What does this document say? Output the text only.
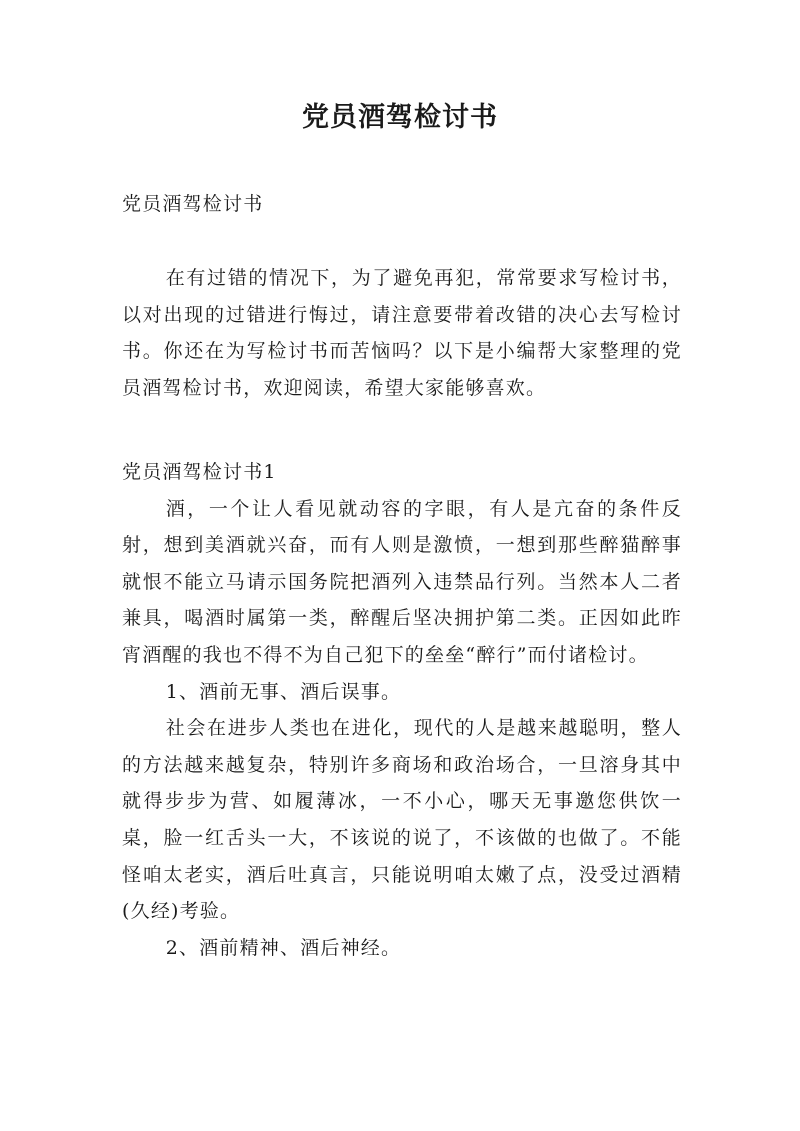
党员酒驾检讨书

党员酒驾检讨书

在有过错的情况下，为了避免再犯，常常要求写检讨书，以对出现的过错进行悔过，请注意要带着改错的决心去写检讨书。你还在为写检讨书而苦恼吗？以下是小编帮大家整理的党员酒驾检讨书，欢迎阅读，希望大家能够喜欢。

党员酒驾检讨书1

酒，一个让人看见就动容的字眼，有人是亢奋的条件反射，想到美酒就兴奋，而有人则是激愤，一想到那些醉猫醉事就恨不能立马请示国务院把酒列入违禁品行列。当然本人二者兼具，喝酒时属第一类，醉醒后坚决拥护第二类。正因如此昨宵酒醒的我也不得不为自己犯下的垒垒“醉行”而付诸检讨。

1、酒前无事、酒后误事。

社会在进步人类也在进化，现代的人是越来越聪明，整人的方法越来越复杂，特别许多商场和政治场合，一旦溶身其中就得步步为营、如履薄冰，一不小心，哪天无事邀您供饮一桌，脸一红舌头一大，不该说的说了，不该做的也做了。不能怪咱太老实，酒后吐真言，只能说明咱太嫩了点，没受过酒精(久经)考验。

2、酒前精神、酒后神经。
